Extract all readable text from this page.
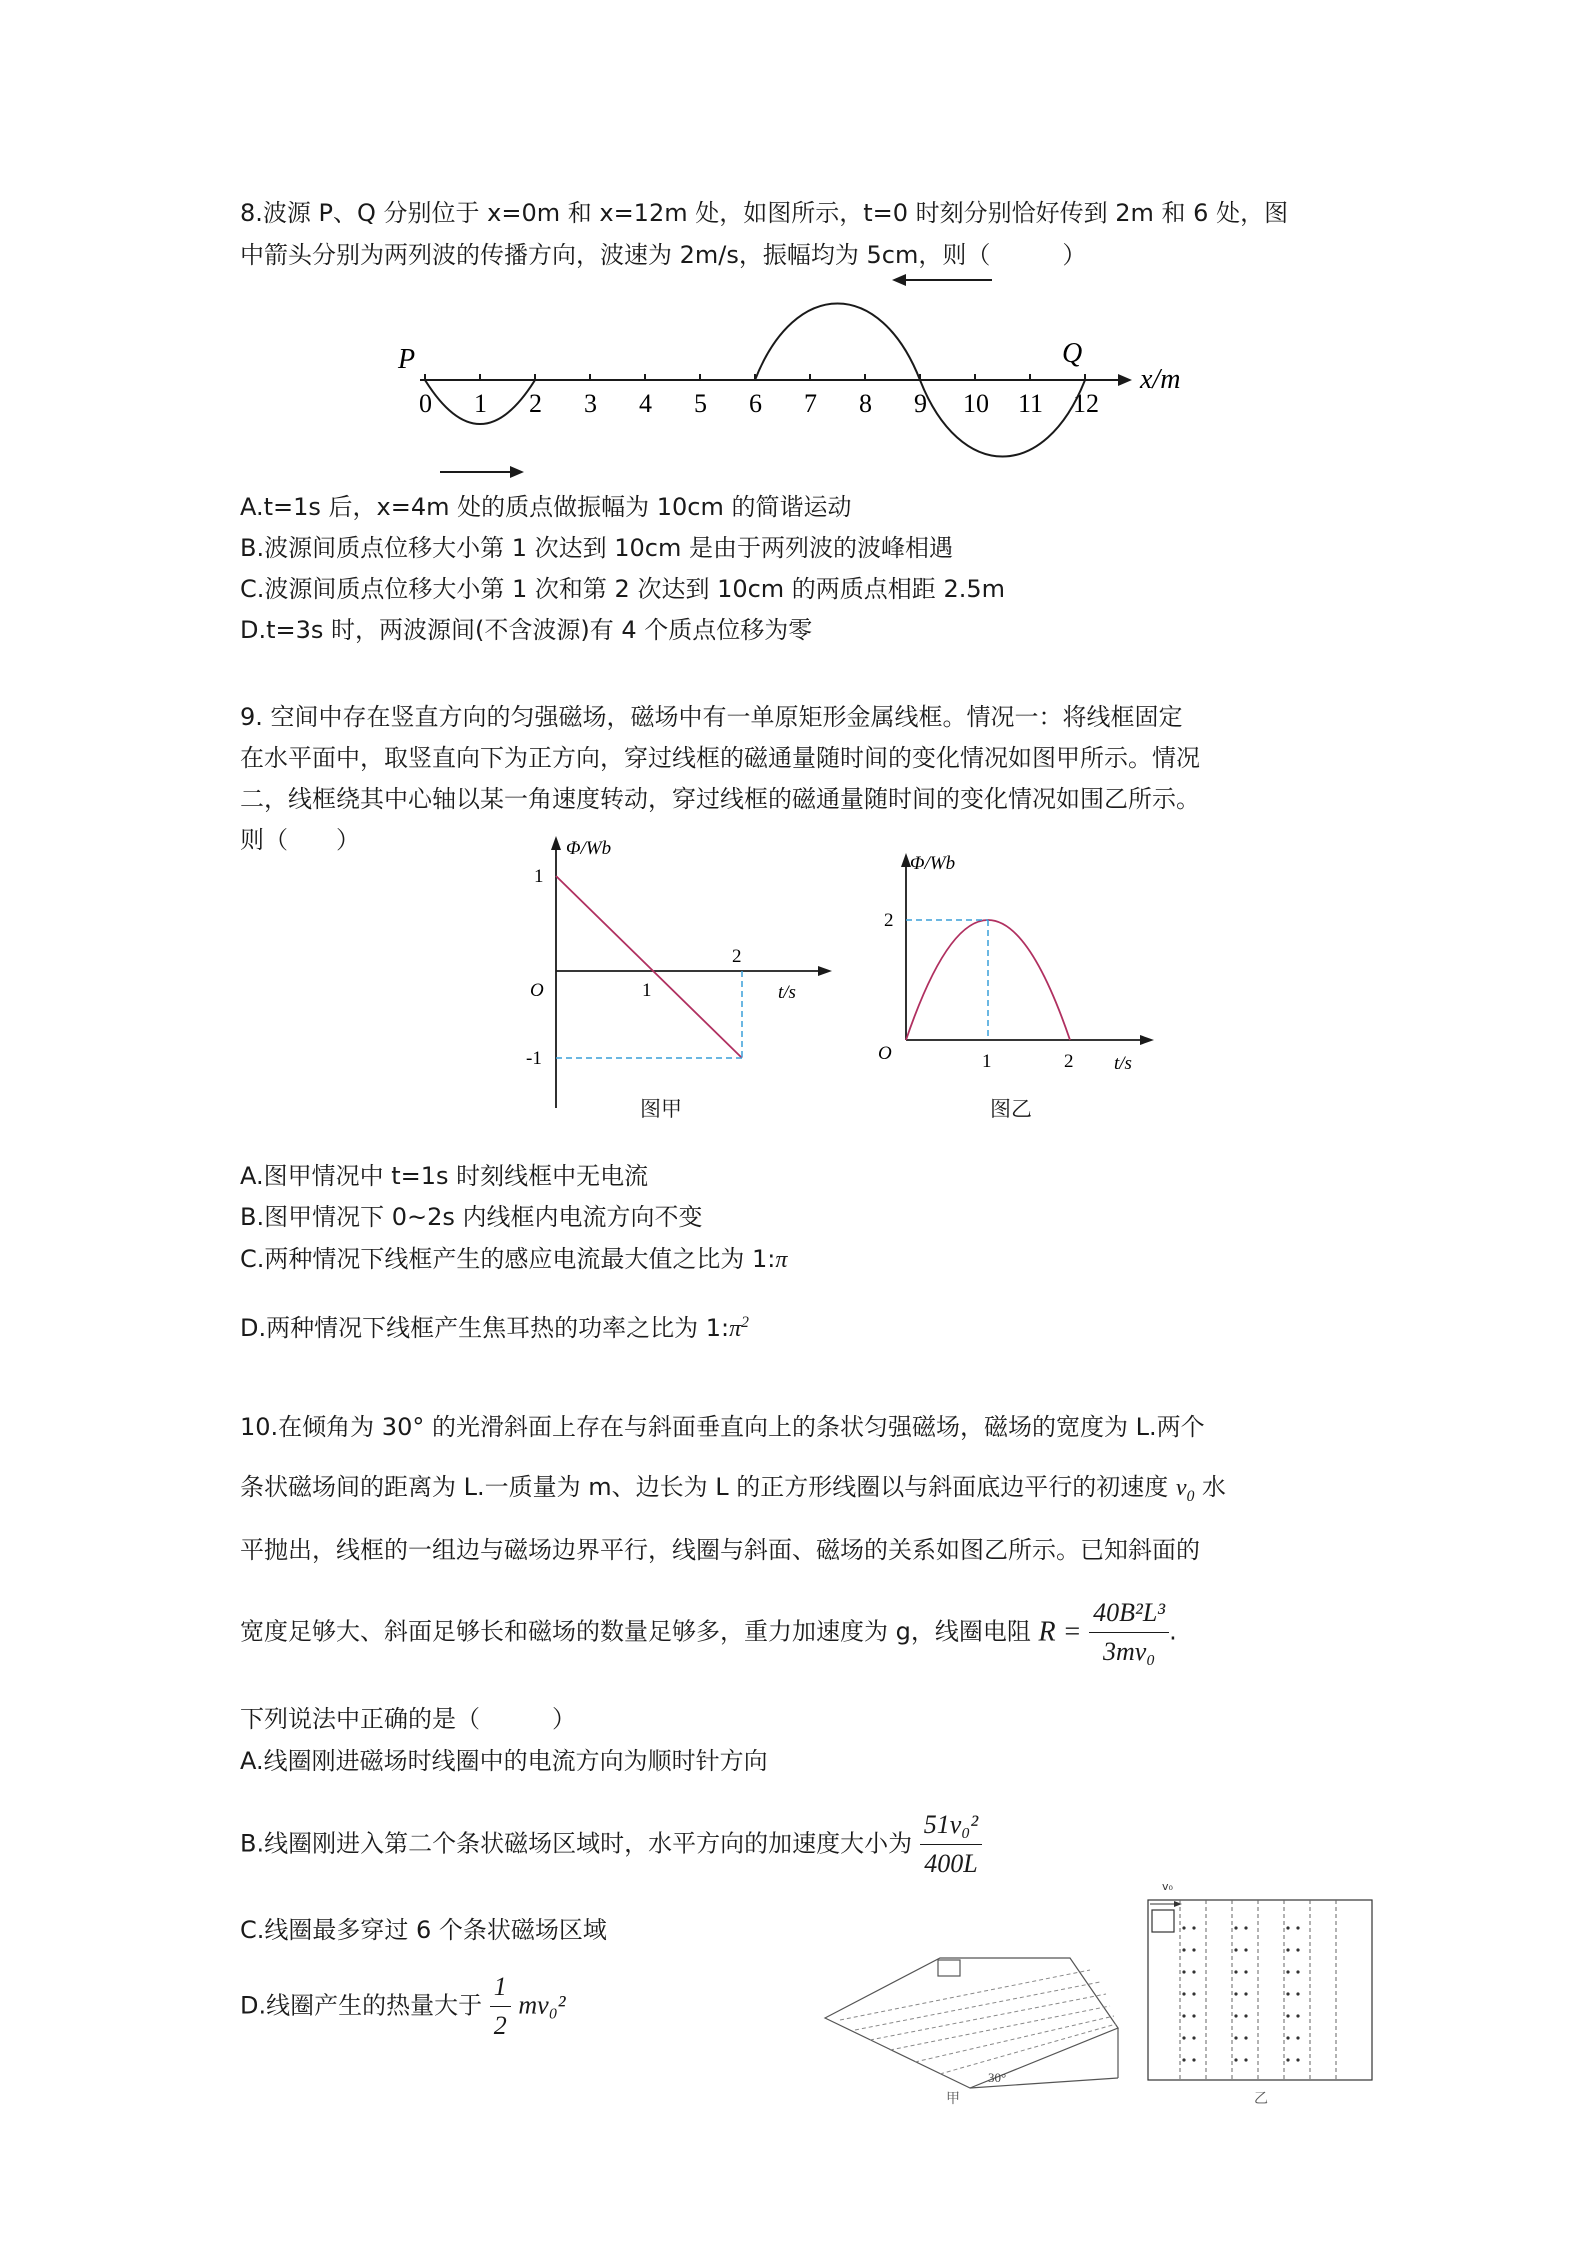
8.波源 P、Q 分别位于 x=0m 和 x=12m 处，如图所示，t=0 时刻分别恰好传到 2m 和 6 处，图
中箭头分别为两列波的传播方向，波速为 2m/s，振幅均为 5cm，则（　　　）
0 1 2 3 4 5 6 7 8 9 10 11 12
P	Q
x/m
A.t=1s 后，x=4m 处的质点做振幅为 10cm 的简谐运动
B.波源间质点位移大小第 1 次达到 10cm 是由于两列波的波峰相遇
C.波源间质点位移大小第 1 次和第 2 次达到 10cm 的两质点相距 2.5m
D.t=3s 时，两波源间(不含波源)有 4 个质点位移为零
9. 空间中存在竖直方向的匀强磁场，磁场中有一单原矩形金属线框。情况一：将线框固定
在水平面中，取竖直向下为正方向，穿过线框的磁通量随时间的变化情况如图甲所示。情况
二，线框绕其中心轴以某一角速度转动，穿过线框的磁通量随时间的变化情况如围乙所示。
则（　　）	Φ/Wb
1
O	1
2
t/s
-1
图甲
Φ/Wb
2
O	1	2 t/s
图乙
A.图甲情况中 t=1s 时刻线框中无电流
B.图甲情况下 0~2s 内线框内电流方向不变
C.两种情况下线框产生的感应电流最大值之比为 1:π
D.两种情况下线框产生焦耳热的功率之比为 $1:\pi^2$
10.在倾角为 30° 的光滑斜面上存在与斜面垂直向上的条状匀强磁场，磁场的宽度为 L.两个
条状磁场间的距离为 L.一质量为 m、边长为 L 的正方形线圈以与斜面底边平行的初速度 $v_0$ 水
平抛出，线框的一组边与磁场边界平行，线圈与斜面、磁场的关系如图乙所示。已知斜面的
宽度足够大、斜面足够长和磁场的数量足够多，重力加速度为 g，线圈电阻 $R = \frac{\text{40B²L³}}{\text{3mv₀}}$ .
下列说法中正确的是（　　　）
A.线圈刚进磁场时线圈中的电流方向为顺时针方向
B.线圈刚进入第二个条状磁场区域时，水平方向的加速度大小为 $\frac{\text{51v₀²}}{400L}$
C.线圈最多穿过 6 个条状磁场区域
D.线圈产生的热量大于 $\frac{1}{2} mv_0^2$
30°
甲
v₀
乙
